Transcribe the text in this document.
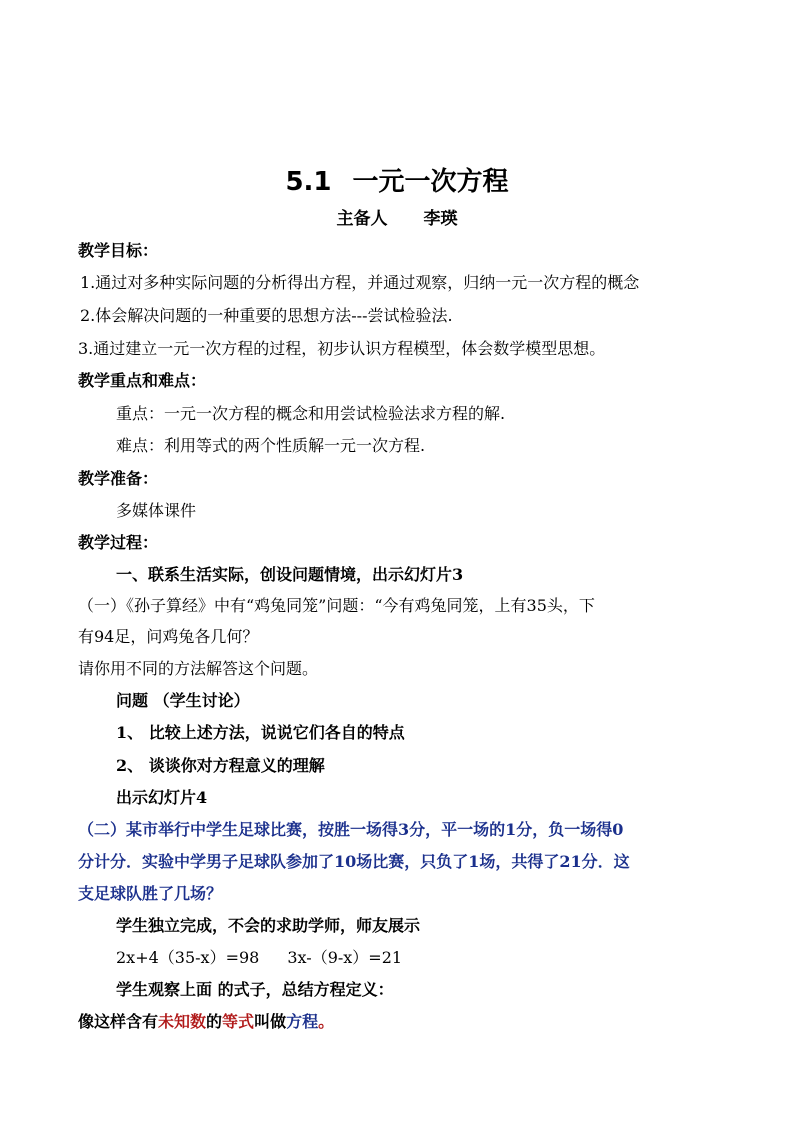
5.1 一元一次方程
主备人 李瑛
教学目标：
1.通过对多种实际问题的分析得出方程，并通过观察，归纳一元一次方程的概念
2.体会解决问题的一种重要的思想方法---尝试检验法.
3.通过建立一元一次方程的过程，初步认识方程模型，体会数学模型思想。
教学重点和难点：
重点：一元一次方程的概念和用尝试检验法求方程的解.
难点：利用等式的两个性质解一元一次方程.
教学准备：
多媒体课件
教学过程：
一、联系生活实际，创设问题情境，出示幻灯片3
（一）《孙子算经》中有“鸡兔同笼”问题：“今有鸡兔同笼，上有35头，下
有94足，问鸡兔各几何？
请你用不同的方法解答这个问题。
问题 （学生讨论）
1、 比较上述方法，说说它们各自的特点
2、 谈谈你对方程意义的理解
出示幻灯片4
（二）某市举行中学生足球比赛，按胜一场得3分，平一场的1分，负一场得0
分计分．实验中学男子足球队参加了10场比赛，只负了1场，共得了21分．这
支足球队胜了几场？
学生独立完成，不会的求助学师，师友展示
2x+4（35-x）=98 3x-（9-x）=21
学生观察上面 的式子，总结方程定义：
像这样含有未知数的等式叫做方程。
